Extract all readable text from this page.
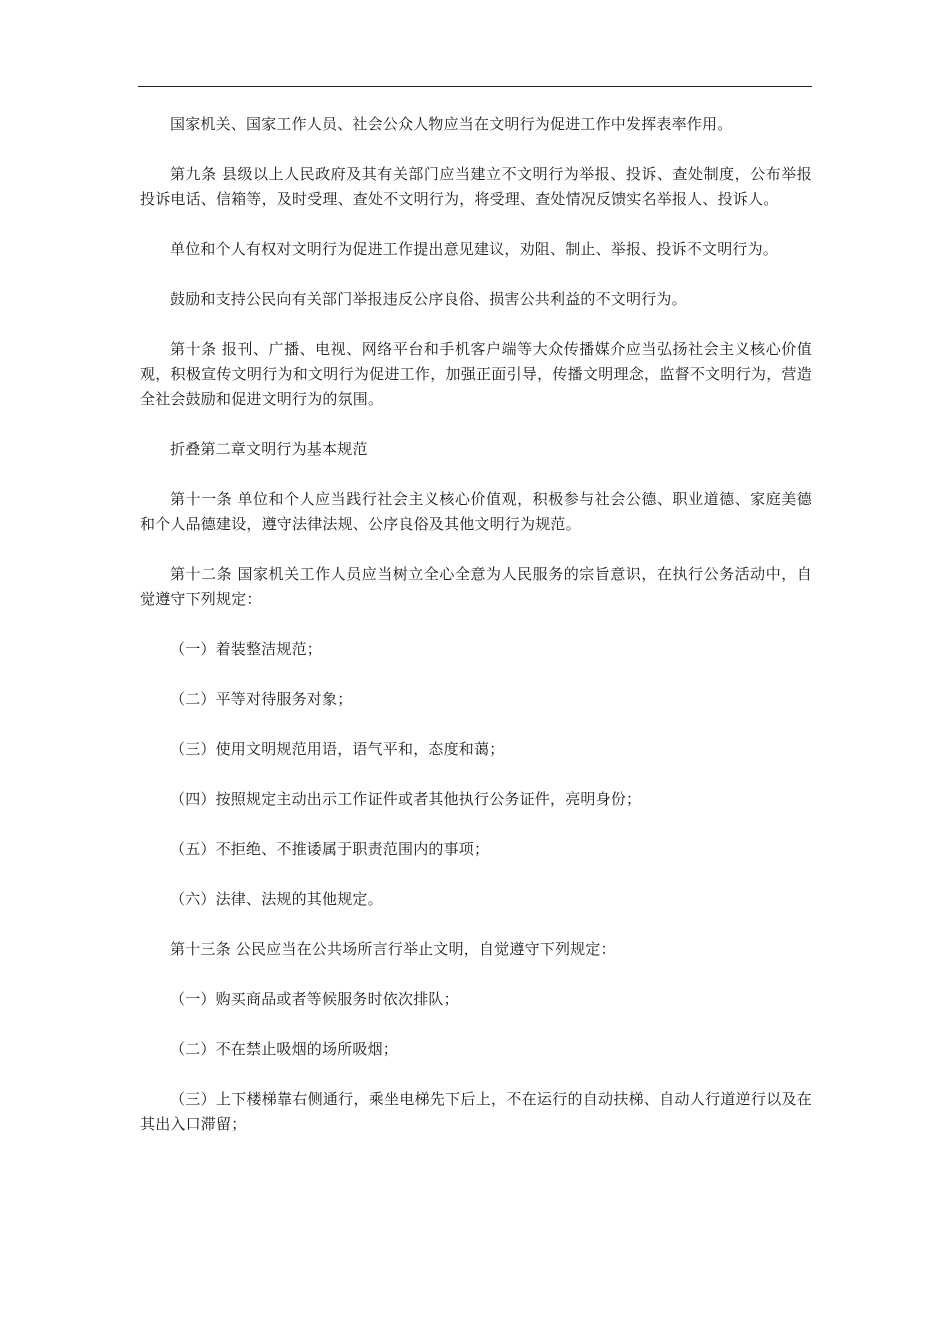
国家机关、国家工作人员、社会公众人物应当在文明行为促进工作中发挥表率作用。

第九条 县级以上人民政府及其有关部门应当建立不文明行为举报、投诉、查处制度，公布举报投诉电话、信箱等，及时受理、查处不文明行为，将受理、查处情况反馈实名举报人、投诉人。

单位和个人有权对文明行为促进工作提出意见建议，劝阻、制止、举报、投诉不文明行为。

鼓励和支持公民向有关部门举报违反公序良俗、损害公共利益的不文明行为。

第十条 报刊、广播、电视、网络平台和手机客户端等大众传播媒介应当弘扬社会主义核心价值观，积极宣传文明行为和文明行为促进工作，加强正面引导，传播文明理念，监督不文明行为，营造全社会鼓励和促进文明行为的氛围。

折叠第二章文明行为基本规范

第十一条 单位和个人应当践行社会主义核心价值观，积极参与社会公德、职业道德、家庭美德和个人品德建设，遵守法律法规、公序良俗及其他文明行为规范。

第十二条 国家机关工作人员应当树立全心全意为人民服务的宗旨意识，在执行公务活动中，自觉遵守下列规定：

（一）着装整洁规范；

（二）平等对待服务对象；

（三）使用文明规范用语，语气平和，态度和蔼；

（四）按照规定主动出示工作证件或者其他执行公务证件，亮明身份；

（五）不拒绝、不推诿属于职责范围内的事项；

（六）法律、法规的其他规定。

第十三条 公民应当在公共场所言行举止文明，自觉遵守下列规定：

（一）购买商品或者等候服务时依次排队；

（二）不在禁止吸烟的场所吸烟；

（三）上下楼梯靠右侧通行，乘坐电梯先下后上，不在运行的自动扶梯、自动人行道逆行以及在其出入口滞留；
